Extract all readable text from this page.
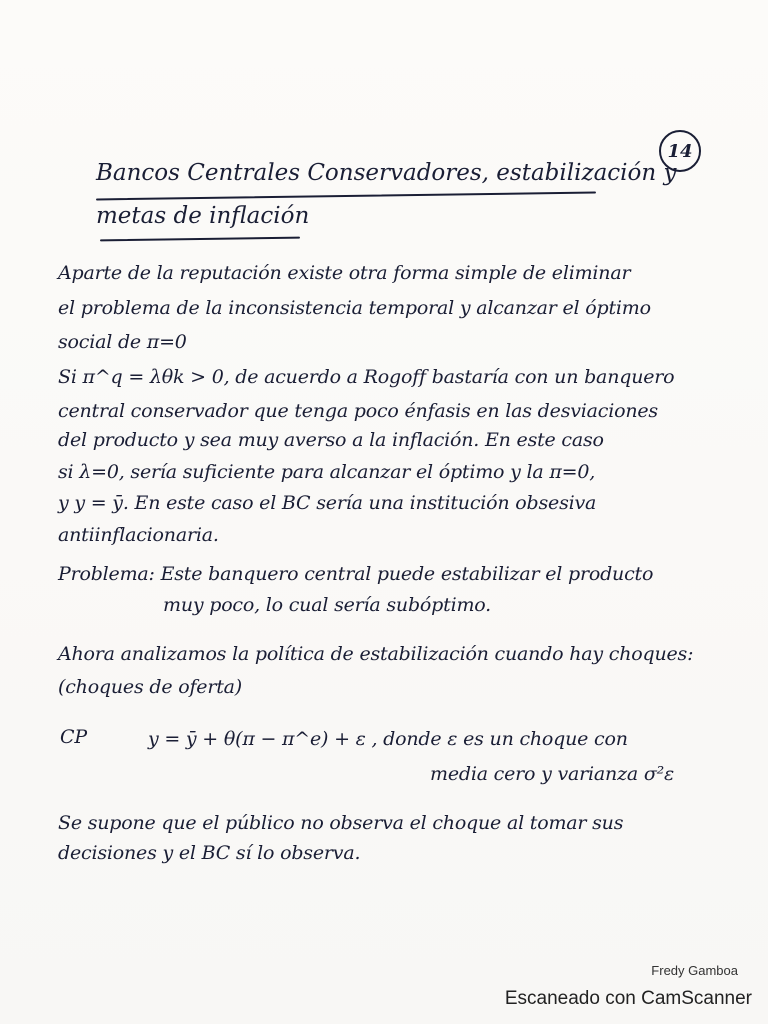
14
Bancos Centrales Conservadores, estabilización y
metas de inflación
Aparte de la reputación existe otra forma simple de eliminar
el problema de la inconsistencia temporal y alcanzar el óptimo
social de π=0
Si π^q = λθk > 0, de acuerdo a Rogoff bastaría con un banquero
central conservador que tenga poco énfasis en las desviaciones
del producto y sea muy averso a la inflación. En este caso
si λ=0, sería suficiente para alcanzar el óptimo y la π=0,
y y = ȳ. En este caso el BC sería una institución obsesiva
antiinflacionaria.
Problema: Este banquero central puede estabilizar el producto
muy poco, lo cual sería subóptimo.
Ahora analizamos la política de estabilización cuando hay choques:
(choques de oferta)
CP	y = ȳ + θ(π − π^e) + ε , donde ε es un choque con
media cero y varianza σ²ε
Se supone que el público no observa el choque al tomar sus
decisiones y el BC sí lo observa.
Fredy Gamboa
Escaneado con CamScanner
